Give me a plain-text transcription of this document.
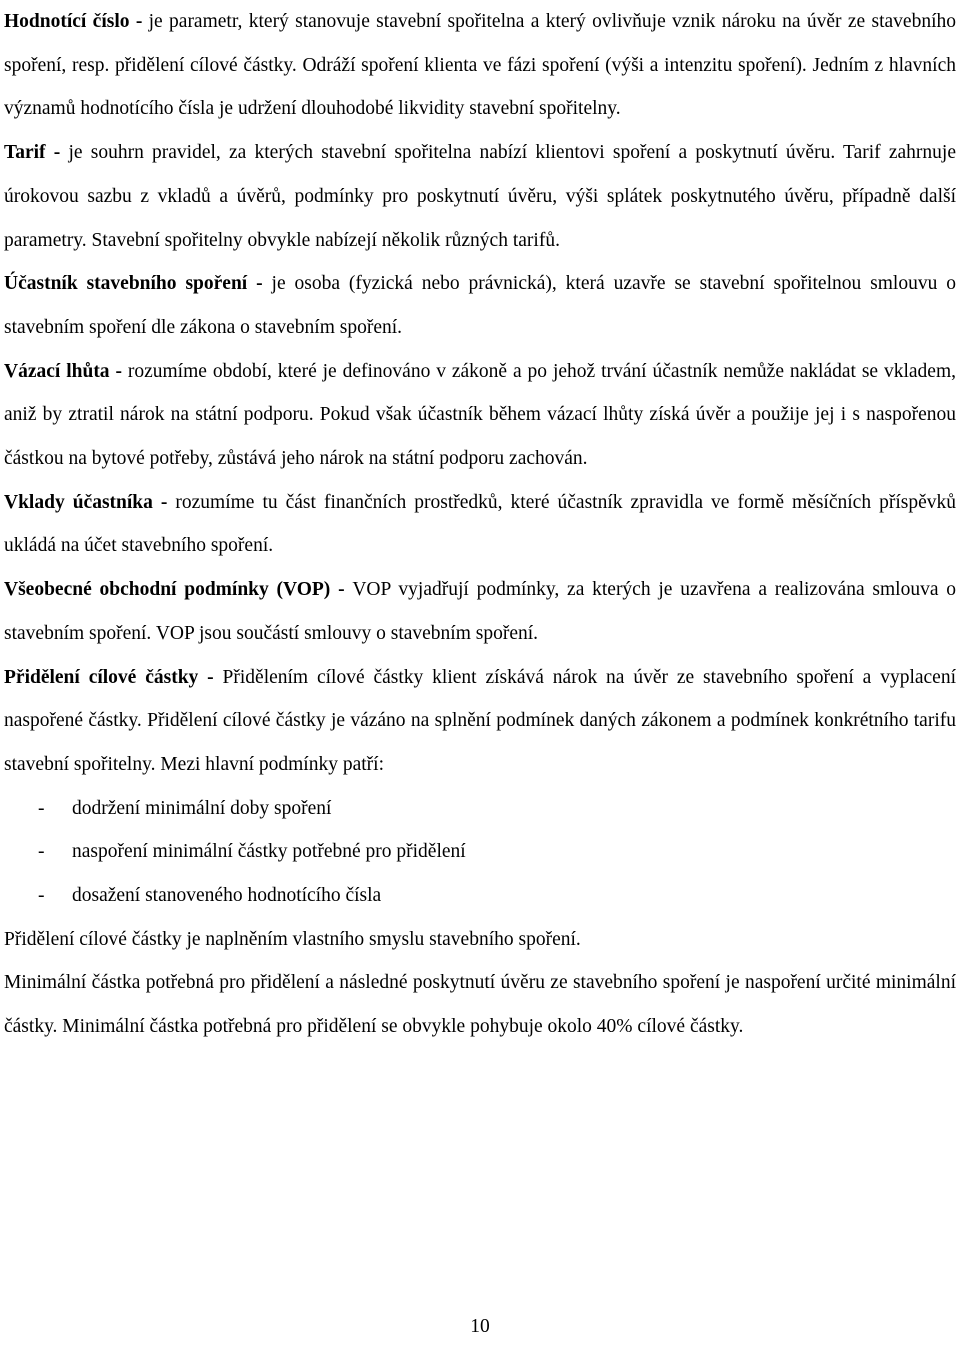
Hodnotící číslo - je parametr, který stanovuje stavební spořitelna a který ovlivňuje vznik nároku na úvěr ze stavebního spoření, resp. přidělení cílové částky. Odráží spoření klienta ve fázi spoření (výši a intenzitu spoření). Jedním z hlavních významů hodnotícího čísla je udržení dlouhodobé likvidity stavební spořitelny.

Tarif - je souhrn pravidel, za kterých stavební spořitelna nabízí klientovi spoření a poskytnutí úvěru. Tarif zahrnuje úrokovou sazbu z vkladů a úvěrů, podmínky pro poskytnutí úvěru, výši splátek poskytnutého úvěru, případně další parametry. Stavební spořitelny obvykle nabízejí několik různých tarifů.

Účastník stavebního spoření - je osoba (fyzická nebo právnická), která uzavře se stavební spořitelnou smlouvu o stavebním spoření dle zákona o stavebním spoření.

Vázací lhůta - rozumíme období, které je definováno v zákoně a po jehož trvání účastník nemůže nakládat se vkladem, aniž by ztratil nárok na státní podporu. Pokud však účastník během vázací lhůty získá úvěr a použije jej i s naspořenou částkou na bytové potřeby, zůstává jeho nárok na státní podporu zachován.

Vklady účastníka - rozumíme tu část finančních prostředků, které účastník zpravidla ve formě měsíčních příspěvků ukládá na účet stavebního spoření.

Všeobecné obchodní podmínky (VOP) - VOP vyjadřují podmínky, za kterých je uzavřena a realizována smlouva o stavebním spoření. VOP jsou součástí smlouvy o stavebním spoření.

Přidělení cílové částky - Přidělením cílové částky klient získává nárok na úvěr ze stavebního spoření a vyplacení naspořené částky. Přidělení cílové částky je vázáno na splnění podmínek daných zákonem a podmínek konkrétního tarifu stavební spořitelny. Mezi hlavní podmínky patří:

-	dodržení minimální doby spoření
-	naspoření minimální částky potřebné pro přidělení
-	dosažení stanoveného hodnotícího čísla

Přidělení cílové částky je naplněním vlastního smyslu stavebního spoření.

Minimální částka potřebná pro přidělení a následné poskytnutí úvěru ze stavebního spoření je naspoření určité minimální částky. Minimální částka potřebná pro přidělení se obvykle pohybuje okolo 40% cílové částky.

10
